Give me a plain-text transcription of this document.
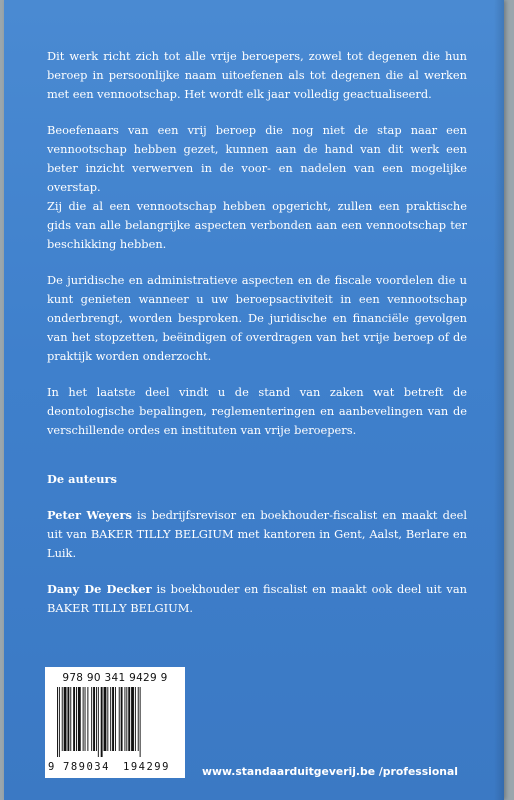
Dit werk richt zich tot alle vrije beroepers, zowel tot degenen die hun beroep in persoonlijke naam uitoefenen als tot degenen die al werken met een vennootschap. Het wordt elk jaar volledig geactualiseerd.

Beoefenaars van een vrij beroep die nog niet de stap naar een vennootschap hebben gezet, kunnen aan de hand van dit werk een beter inzicht verwerven in de voor- en nadelen van een mogelijke overstap.

Zij die al een vennootschap hebben opgericht, zullen een praktische gids van alle belangrijke aspecten verbonden aan een vennootschap ter beschikking hebben.

De juridische en administratieve aspecten en de fiscale voordelen die u kunt genieten wanneer u uw beroepsactiviteit in een vennootschap onderbrengt, worden besproken. De juridische en financiële gevolgen van het stopzetten, beëindigen of overdragen van het vrije beroep of de praktijk worden onderzocht.

In het laatste deel vindt u de stand van zaken wat betreft de deontologische bepalingen, reglementeringen en aanbevelingen van de verschillende ordes en instituten van vrije beroepers.

De auteurs

Peter Weyers is bedrijfsrevisor en boekhouder-fiscalist en maakt deel uit van BAKER TILLY BELGIUM met kantoren in Gent, Aalst, Berlare en Luik.

Dany De Decker is boekhouder en fiscalist en maakt ook deel uit van BAKER TILLY BELGIUM.

978 90 341 9429 9
9 789034 194299	www.standaarduitgeverij.be /professional
